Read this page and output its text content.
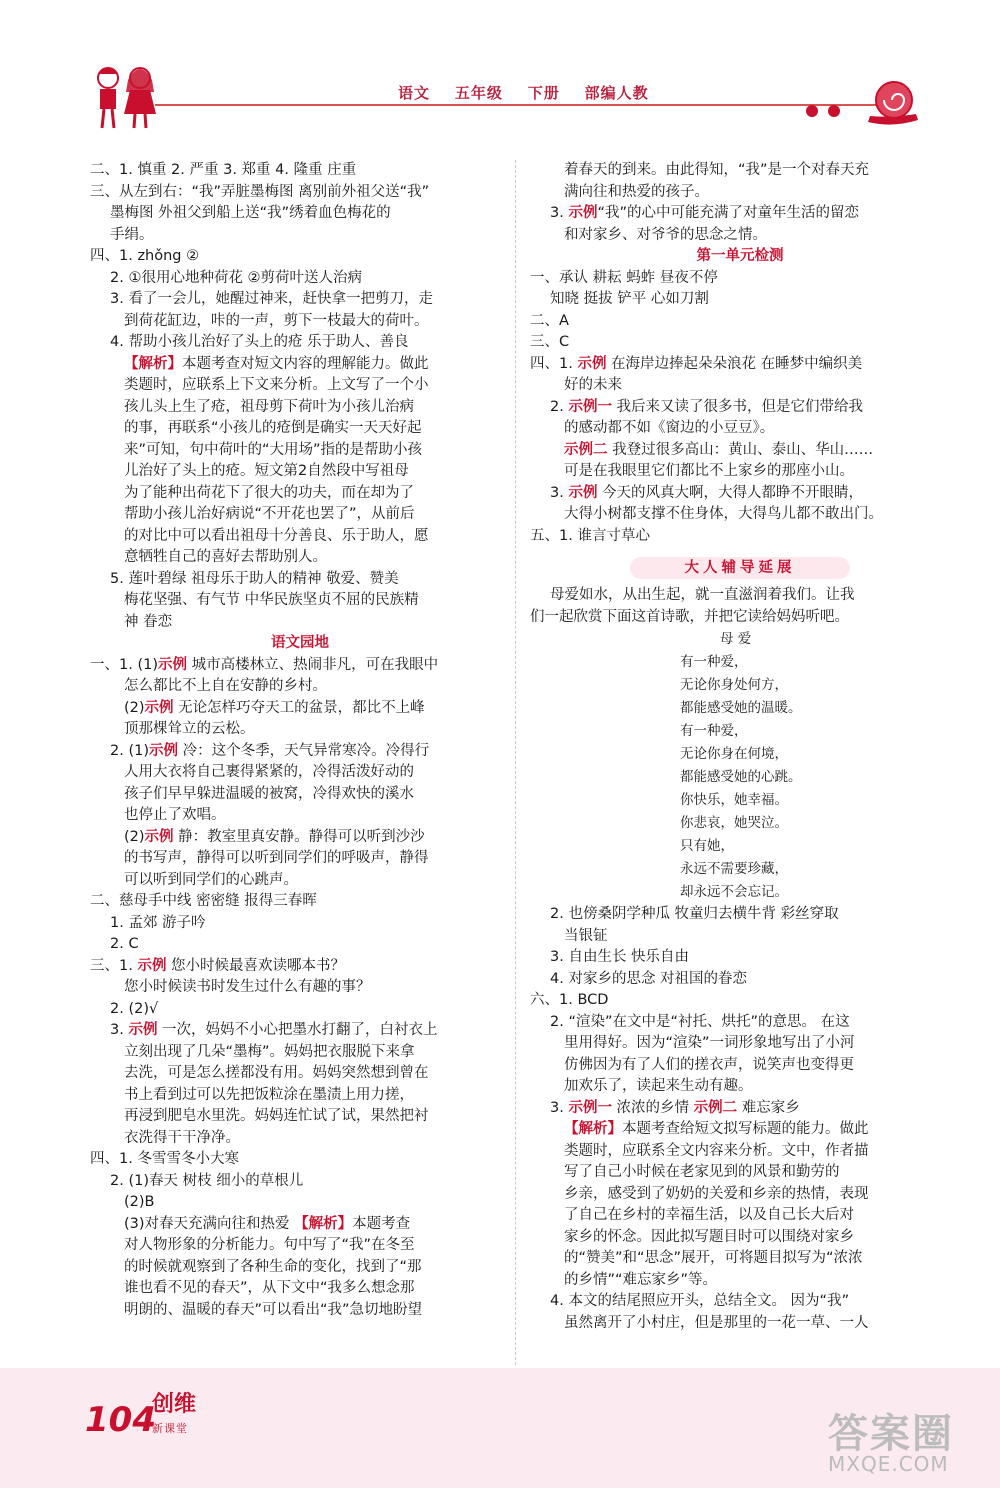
语文    五年级    下册    部编人教

二、1. 慎重 2. 严重 3. 郑重 4. 隆重 庄重
三、从左到右：“我”弄脏墨梅图 离别前外祖父送“我”
墨梅图 外祖父到船上送“我”绣着血色梅花的
手绢。
四、1. zhǒng ②
2. ①很用心地种荷花 ②剪荷叶送人治病
3. 看了一会儿，她醒过神来，赶快拿一把剪刀，走
到荷花缸边，咔的一声，剪下一枝最大的荷叶。
4. 帮助小孩儿治好了头上的疮 乐于助人、善良
【解析】本题考查对短文内容的理解能力。做此
类题时，应联系上下文来分析。上文写了一个小
孩儿头上生了疮，祖母剪下荷叶为小孩儿治病
的事，再联系“小孩儿的疮倒是确实一天天好起
来”可知，句中荷叶的“大用场”指的是帮助小孩
儿治好了头上的疮。短文第2自然段中写祖母
为了能种出荷花下了很大的功夫，而在却为了
帮助小孩儿治好病说“不开花也罢了”，从前后
的对比中可以看出祖母十分善良、乐于助人，愿
意牺牲自己的喜好去帮助别人。
5. 莲叶碧绿 祖母乐于助人的精神 敬爱、赞美
梅花坚强、有气节 中华民族坚贞不屈的民族精
神 眷恋
语文园地
一、1. (1)示例 城市高楼林立、热闹非凡，可在我眼中
怎么都比不上自在安静的乡村。
(2)示例 无论怎样巧夺天工的盆景，都比不上峰
顶那棵耸立的云松。
2. (1)示例 冷：这个冬季，天气异常寒冷。冷得行
人用大衣将自己裹得紧紧的，冷得活泼好动的
孩子们早早躲进温暖的被窝，冷得欢快的溪水
也停止了欢唱。
(2)示例 静：教室里真安静。静得可以听到沙沙
的书写声，静得可以听到同学们的呼吸声，静得
可以听到同学们的心跳声。
二、慈母手中线 密密缝 报得三春晖
1. 孟郊 游子吟
2. C
三、1. 示例 您小时候最喜欢读哪本书？
您小时候读书时发生过什么有趣的事？
2. (2)√
3. 示例 一次，妈妈不小心把墨水打翻了，白衬衣上
立刻出现了几朵“墨梅”。妈妈把衣服脱下来拿
去洗，可是怎么搓都没有用。妈妈突然想到曾在
书上看到过可以先把饭粒涂在墨渍上用力搓，
再浸到肥皂水里洗。妈妈连忙试了试，果然把衬
衣洗得干干净净。
四、1. 冬雪雪冬小大寒
2. (1)春天 树枝 细小的草根儿
(2)B
(3)对春天充满向往和热爱 【解析】本题考查
对人物形象的分析能力。句中写了“我”在冬至
的时候就观察到了各种生命的变化，找到了“那
谁也看不见的春天”，从下文中“我多么想念那
明朗的、温暖的春天”可以看出“我”急切地盼望
着春天的到来。由此得知，“我”是一个对春天充
满向往和热爱的孩子。
3. 示例“我”的心中可能充满了对童年生活的留恋
和对家乡、对爷爷的思念之情。
第一单元检测
一、承认 耕耘 蚂蚱 昼夜不停
知晓 挺拔 铲平 心如刀割
二、A
三、C
四、1. 示例 在海岸边捧起朵朵浪花 在睡梦中编织美
好的未来
2. 示例一 我后来又读了很多书，但是它们带给我
的感动都不如《窗边的小豆豆》。
示例二 我登过很多高山：黄山、泰山、华山……
可是在我眼里它们都比不上家乡的那座小山。
3. 示例 今天的风真大啊，大得人都睁不开眼睛，
大得小树都支撑不住身体，大得鸟儿都不敢出门。
五、1. 谁言寸草心
大人辅导延展
母爱如水，从出生起，就一直滋润着我们。让我
们一起欣赏下面这首诗歌，并把它读给妈妈听吧。
母 爱
有一种爱，
无论你身处何方，
都能感受她的温暖。
有一种爱，
无论你身在何境，
都能感受她的心跳。
你快乐，她幸福。
你悲哀，她哭泣。
只有她，
永远不需要珍藏，
却永远不会忘记。
2. 也傍桑阴学种瓜 牧童归去横牛背 彩丝穿取
当银钲
3. 自由生长 快乐自由
4. 对家乡的思念 对祖国的眷恋
六、1. BCD
2. “渲染”在文中是“衬托、烘托”的意思。 在这
里用得好。因为“渲染”一词形象地写出了小河
仿佛因为有了人们的搓衣声，说笑声也变得更
加欢乐了，读起来生动有趣。
3. 示例一 浓浓的乡情 示例二 难忘家乡
【解析】本题考查给短文拟写标题的能力。做此
类题时，应联系全文内容来分析。文中，作者描
写了自己小时候在老家见到的风景和勤劳的
乡亲，感受到了奶奶的关爱和乡亲的热情，表现
了自己在乡村的幸福生活，以及自己长大后对
家乡的怀念。因此拟写题目时可以围绕对家乡
的“赞美”和“思念”展开，可将题目拟写为“浓浓
的乡情”“难忘家乡”等。
4. 本文的结尾照应开头，总结全文。 因为“我”
虽然离开了小村庄，但是那里的一花一草、一人
104
创维
新课堂	答案圈
MXQE.COM
